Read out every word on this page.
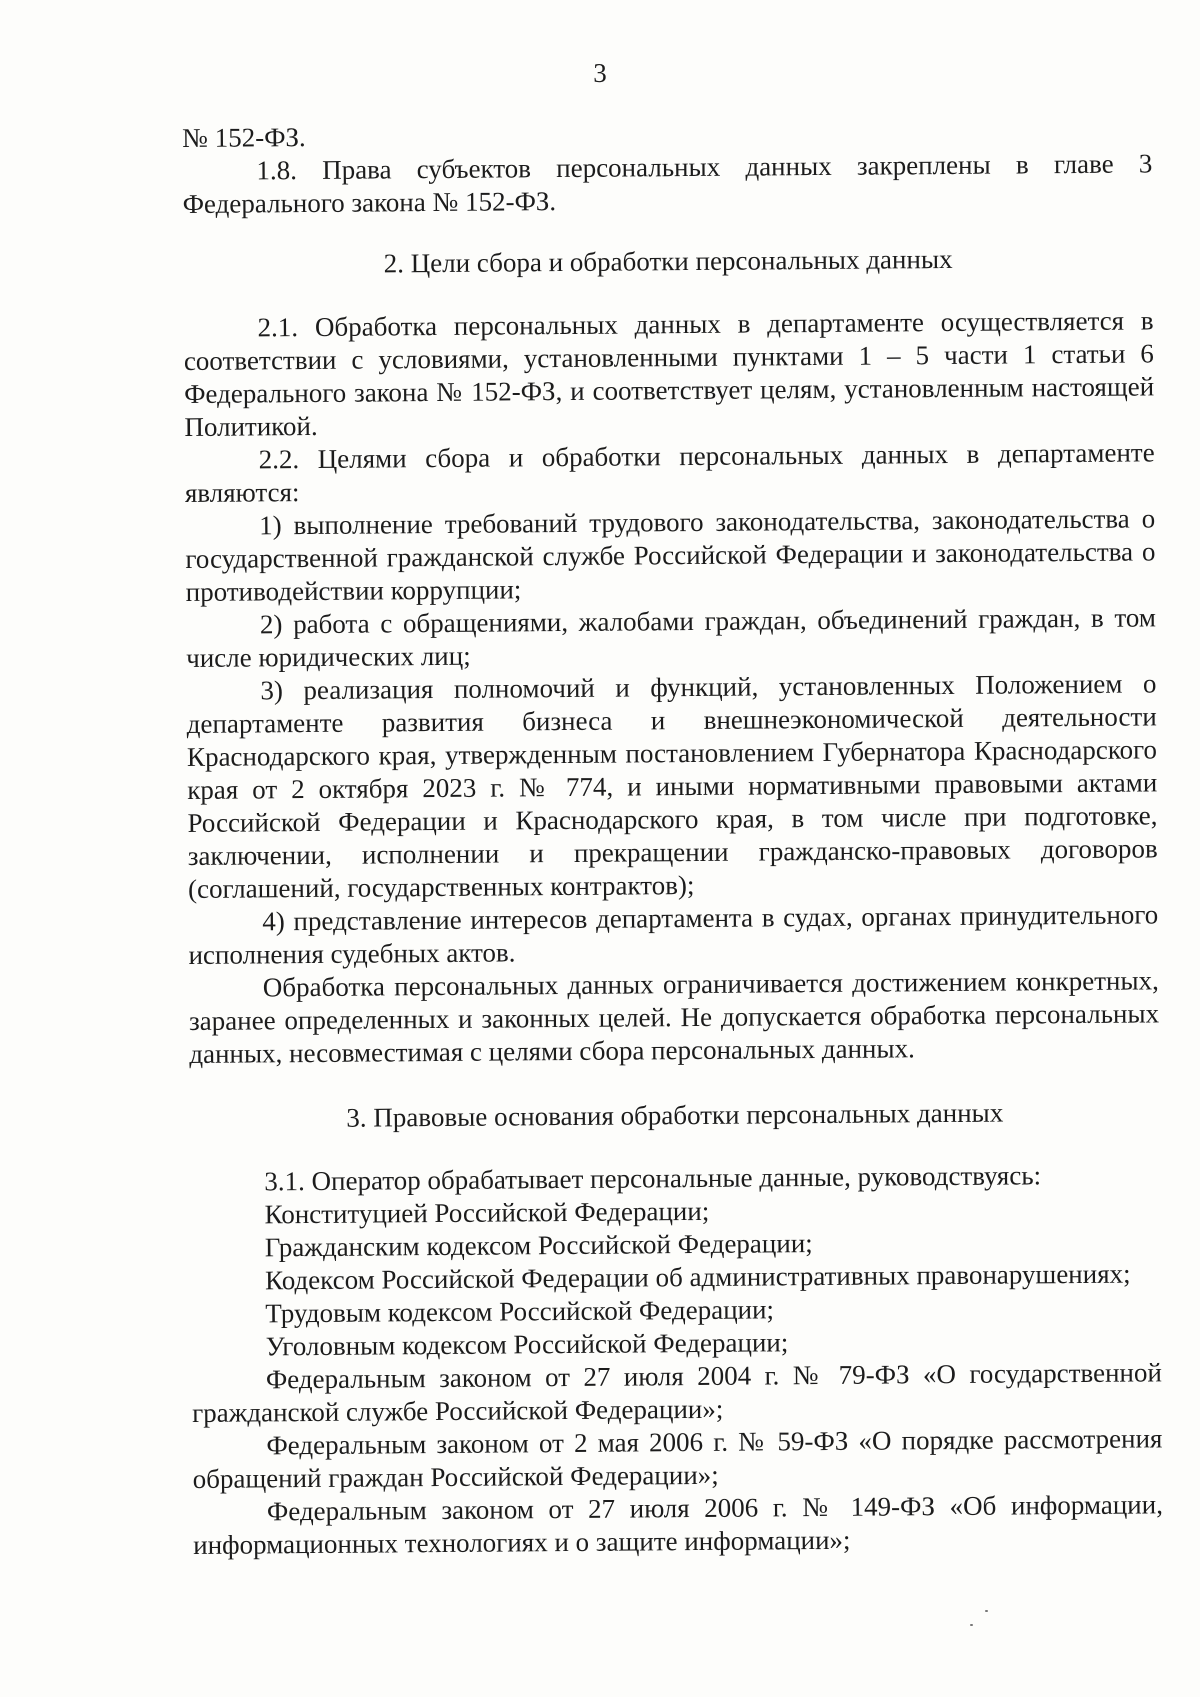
3

№ 152-ФЗ.

1.8. Права субъектов персональных данных закреплены в главе 3 Федерального закона № 152-ФЗ.

2. Цели сбора и обработки персональных данных

2.1. Обработка персональных данных в департаменте осуществляется в соответствии с условиями, установленными пунктами 1 – 5 части 1 статьи 6 Федерального закона № 152-ФЗ, и соответствует целям, установленным настоящей Политикой.

2.2. Целями сбора и обработки персональных данных в департаменте являются:

1) выполнение требований трудового законодательства, законодательства о государственной гражданской службе Российской Федерации и законодательства о противодействии коррупции;

2) работа с обращениями, жалобами граждан, объединений граждан, в том числе юридических лиц;

3) реализация полномочий и функций, установленных Положением о департаменте развития бизнеса и внешнеэкономической деятельности Краснодарского края, утвержденным постановлением Губернатора Краснодарского края от 2 октября 2023 г. № 774, и иными нормативными правовыми актами Российской Федерации и Краснодарского края, в том числе при подготовке, заключении, исполнении и прекращении гражданско-правовых договоров (соглашений, государственных контрактов);

4) представление интересов департамента в судах, органах принудительного исполнения судебных актов.

Обработка персональных данных ограничивается достижением конкретных, заранее определенных и законных целей. Не допускается обработка персональных данных, несовместимая с целями сбора персональных данных.

3. Правовые основания обработки персональных данных

3.1. Оператор обрабатывает персональные данные, руководствуясь:

Конституцией Российской Федерации;

Гражданским кодексом Российской Федерации;

Кодексом Российской Федерации об административных правонарушениях;

Трудовым кодексом Российской Федерации;

Уголовным кодексом Российской Федерации;

Федеральным законом от 27 июля 2004 г. № 79-ФЗ «О государственной гражданской службе Российской Федерации»;

Федеральным законом от 2 мая 2006 г. № 59-ФЗ «О порядке рассмотрения обращений граждан Российской Федерации»;

Федеральным законом от 27 июля 2006 г. № 149-ФЗ «Об информации, информационных технологиях и о защите информации»;
